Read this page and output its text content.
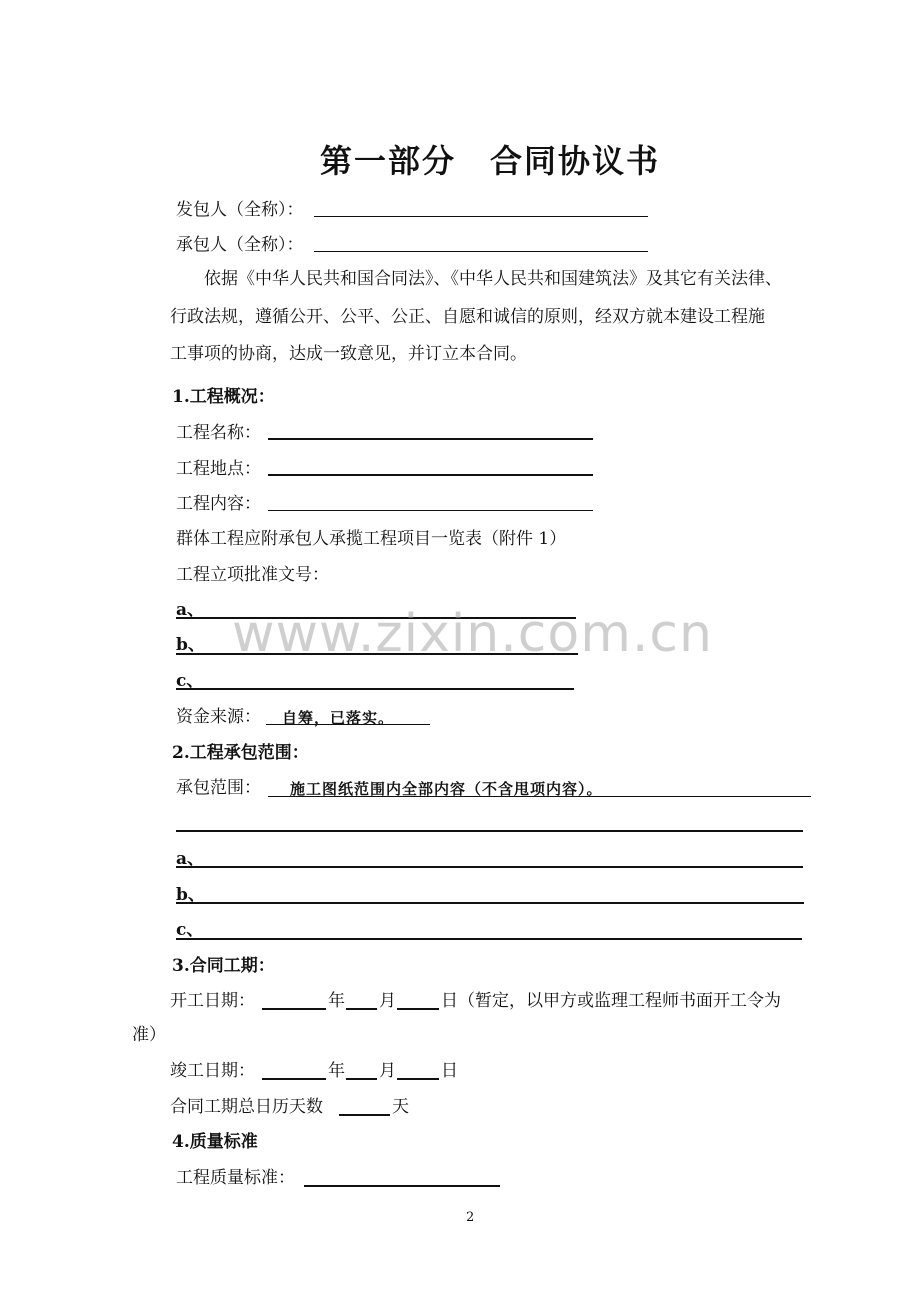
第一部分　合同协议书
发包人（全称）：
承包人（全称）：
依据《中华人民共和国合同法》、《中华人民共和国建筑法》及其它有关法律、
行政法规，遵循公开、公平、公正、自愿和诚信的原则，经双方就本建设工程施
工事项的协商，达成一致意见，并订立本合同。
1.工程概况：
工程名称：
工程地点：
工程内容：
群体工程应附承包人承揽工程项目一览表（附件 1）
工程立项批准文号：
a、
b、
c、
资金来源： 自筹，已落实。
2.工程承包范围：
承包范围： 施工图纸范围内全部内容（不含甩项内容）。
a、
b、
c、
3.合同工期：
开工日期：	年 月	日 （暂定，以甲方或监理工程师书面开工令为
准）
竣工日期：	年 月	日
合同工期总日历天数	天
4.质量标准
工程质量标准：
2
www.zixin.com.cn
